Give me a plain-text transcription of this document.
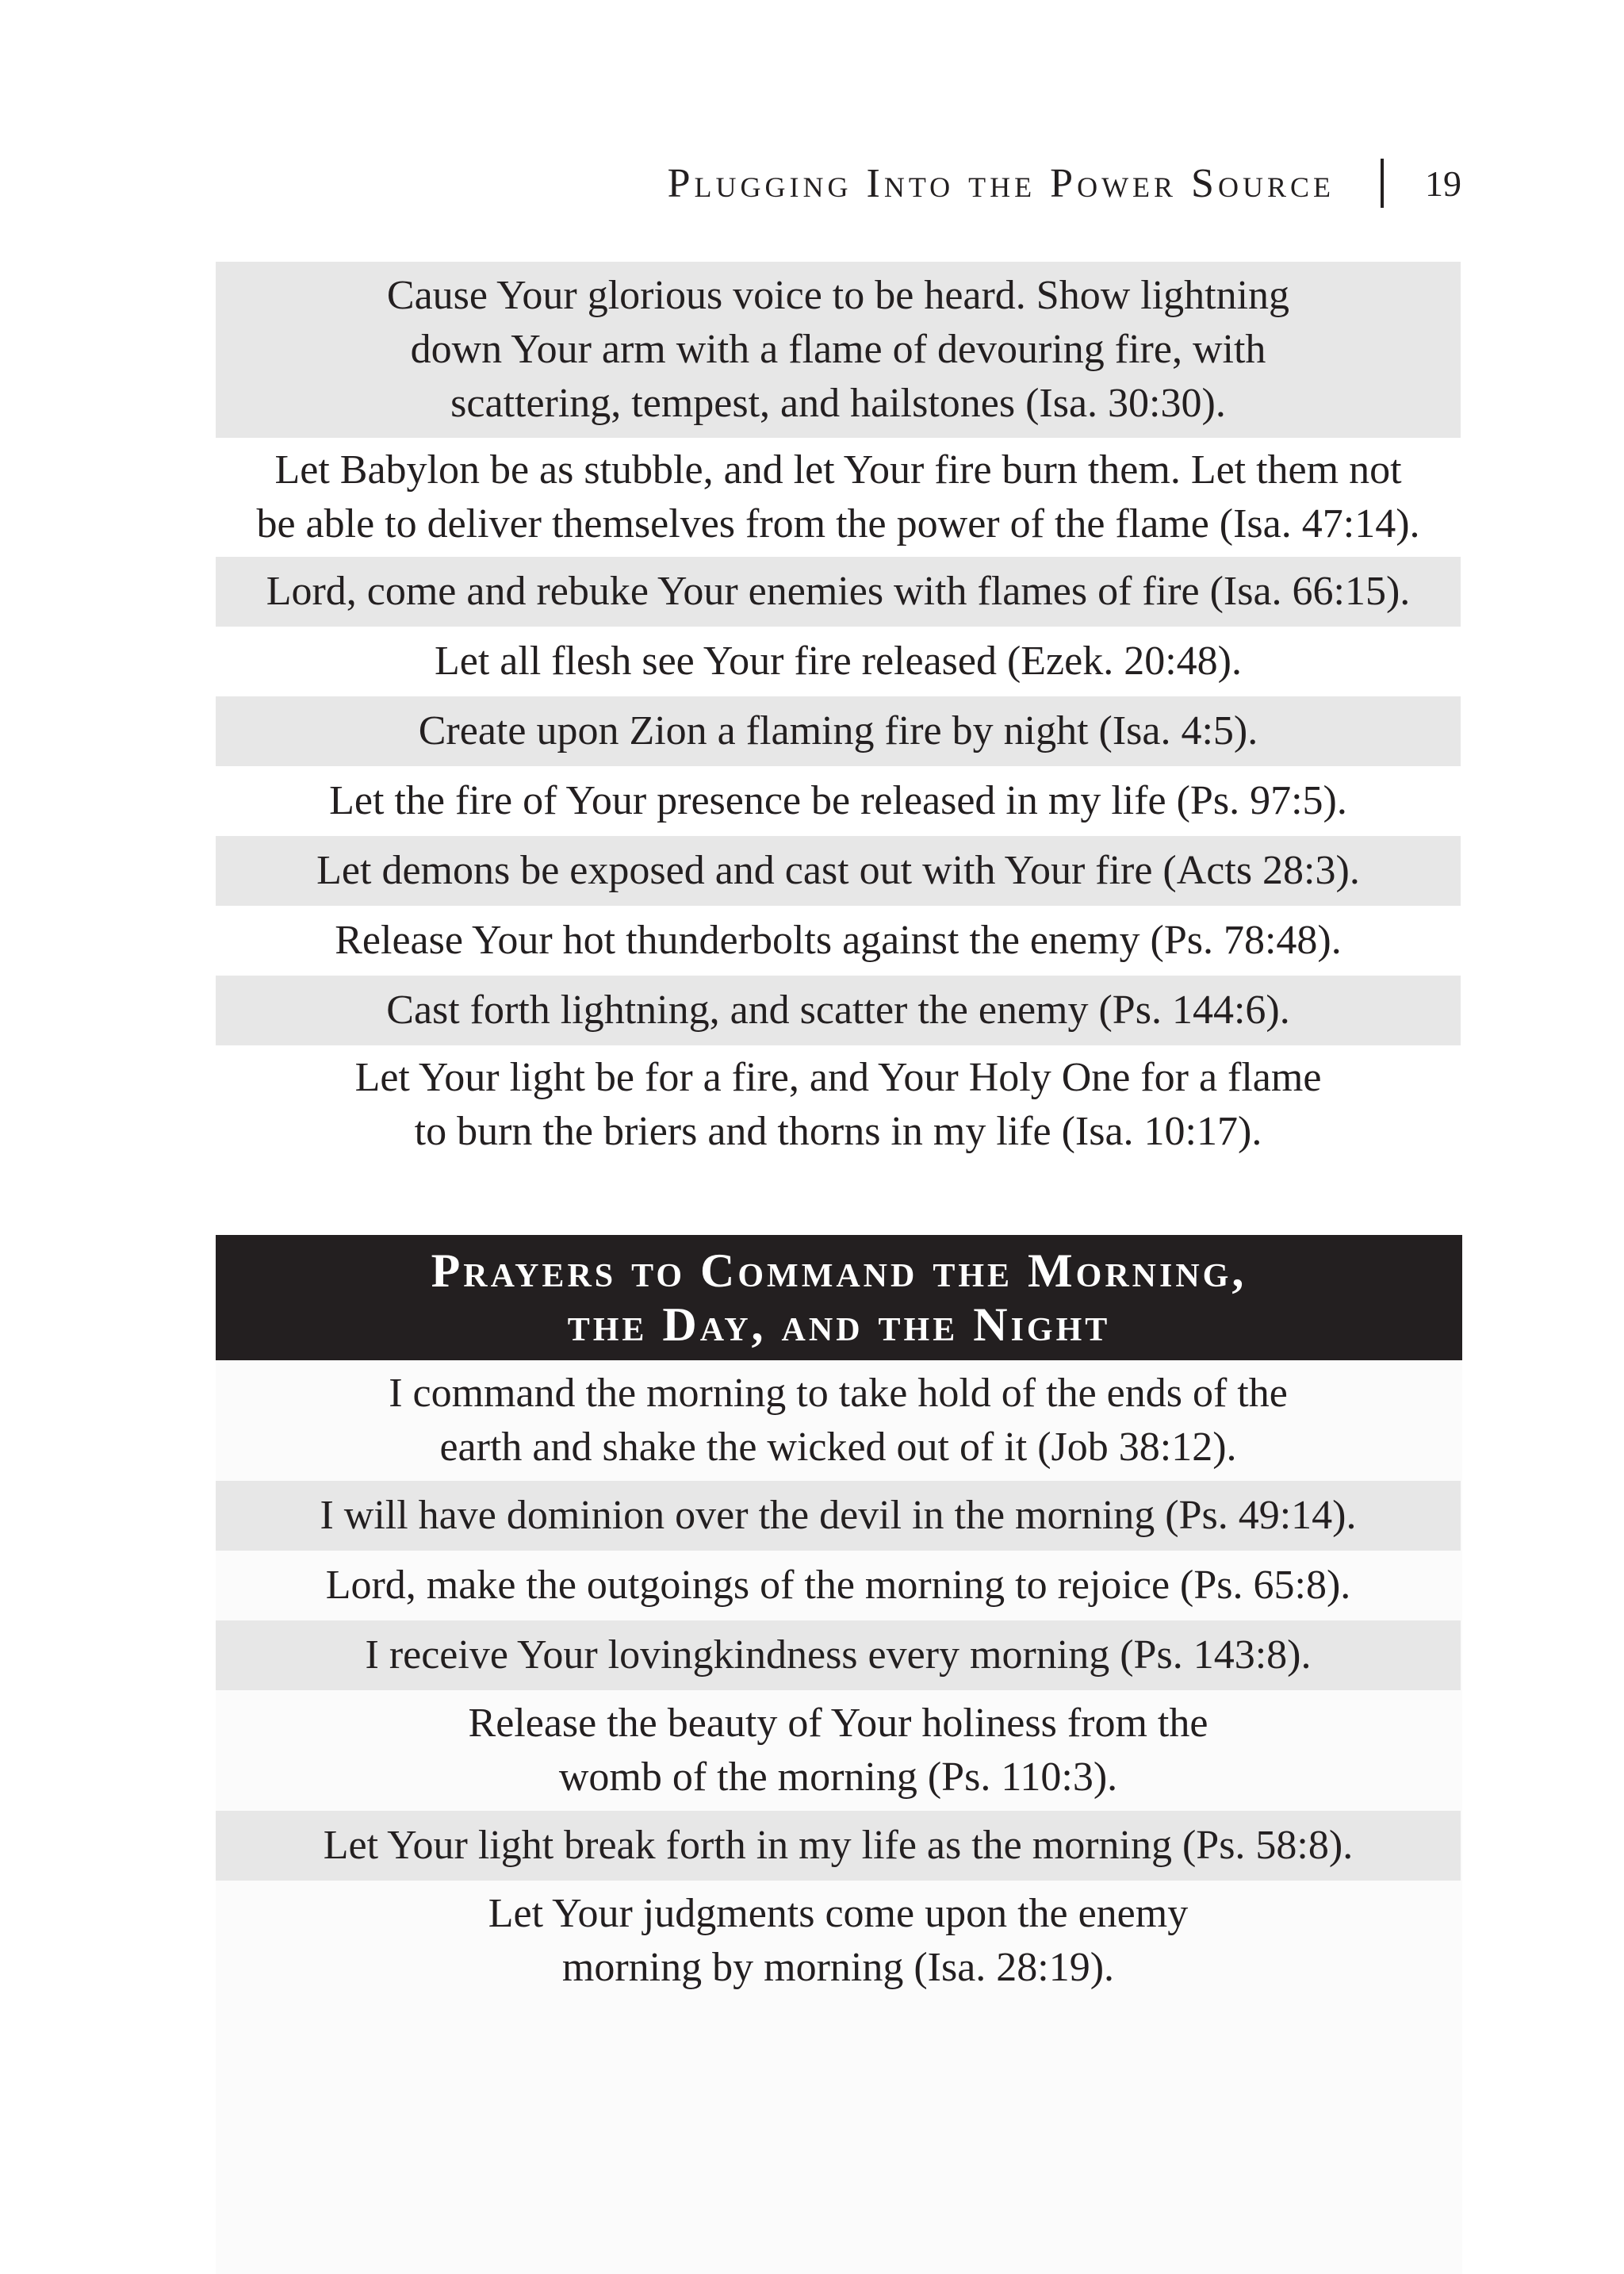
Plugging Into the Power Source 19
Cause Your glorious voice to be heard. Show lightning
down Your arm with a flame of devouring fire, with
scattering, tempest, and hailstones (Isa. 30:30).
Let Babylon be as stubble, and let Your fire burn them. Let them not
be able to deliver themselves from the power of the flame (Isa. 47:14).
Lord, come and rebuke Your enemies with flames of fire (Isa. 66:15).
Let all flesh see Your fire released (Ezek. 20:48).
Create upon Zion a flaming fire by night (Isa. 4:5).
Let the fire of Your presence be released in my life (Ps. 97:5).
Let demons be exposed and cast out with Your fire (Acts 28:3).
Release Your hot thunderbolts against the enemy (Ps. 78:48).
Cast forth lightning, and scatter the enemy (Ps. 144:6).
Let Your light be for a fire, and Your Holy One for a flame
to burn the briers and thorns in my life (Isa. 10:17).
Prayers to Command the Morning,
the Day, and the Night
I command the morning to take hold of the ends of the
earth and shake the wicked out of it (Job 38:12).
I will have dominion over the devil in the morning (Ps. 49:14).
Lord, make the outgoings of the morning to rejoice (Ps. 65:8).
I receive Your lovingkindness every morning (Ps. 143:8).
Release the beauty of Your holiness from the
womb of the morning (Ps. 110:3).
Let Your light break forth in my life as the morning (Ps. 58:8).
Let Your judgments come upon the enemy
morning by morning (Isa. 28:19).
